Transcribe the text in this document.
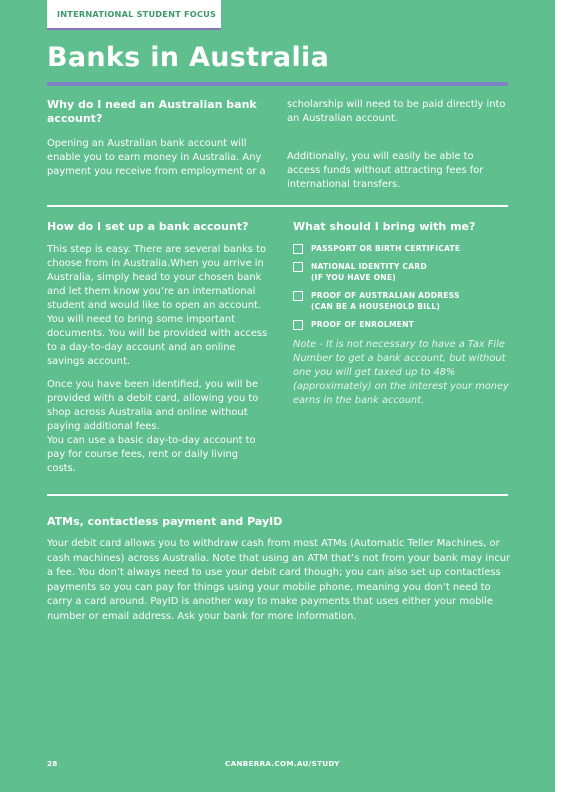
INTERNATIONAL STUDENT FOCUS
Banks in Australia
Why do I need an Australian bank account?

Opening an Australian bank account will enable you to earn money in Australia. Any payment you receive from employment or a

scholarship will need to be paid directly into an Australian account.

Additionally, you will easily be able to access funds without attracting fees for international transfers.

How do I set up a bank account?

This step is easy. There are several banks to choose from in Australia.When you arrive in Australia, simply head to your chosen bank and let them know you’re an international student and would like to open an account. You will need to bring some important documents. You will be provided with access to a day-to-day account and an online savings account.

Once you have been identified, you will be provided with a debit card, allowing you to shop across Australia and online without paying additional fees.

You can use a basic day-to-day account to pay for course fees, rent or daily living costs.

What should I bring with me?
PASSPORT OR BIRTH CERTIFICATE
NATIONAL IDENTITY CARD
(IF YOU HAVE ONE)
PROOF OF AUSTRALIAN ADDRESS
(CAN BE A HOUSEHOLD BILL)
PROOF OF ENROLMENT

Note - It is not necessary to have a Tax File Number to get a bank account, but without one you will get taxed up to 48% (approximately) on the interest your money earns in the bank account.

ATMs, contactless payment and PayID

Your debit card allows you to withdraw cash from most ATMs (Automatic Teller Machines, or cash machines) across Australia. Note that using an ATM that’s not from your bank may incur a fee. You don’t always need to use your debit card though; you can also set up contactless payments so you can pay for things using your mobile phone, meaning you don’t need to carry a card around. PayID is another way to make payments that uses either your mobile number or email address. Ask your bank for more information.

28	CANBERRA.COM.AU/STUDY
